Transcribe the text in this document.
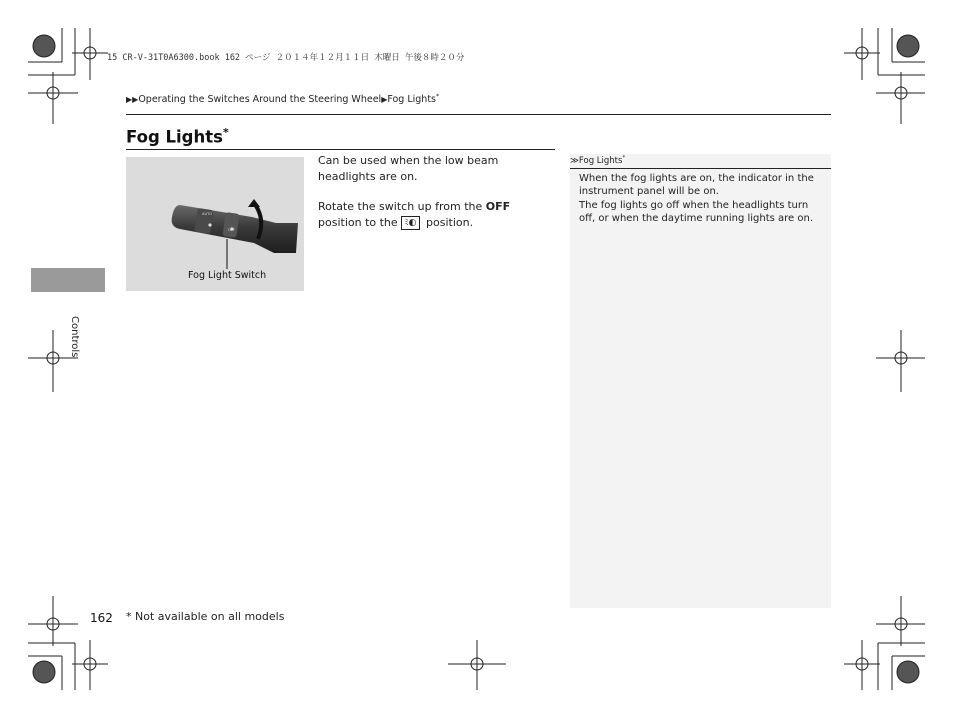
15 CR-V-31T0A6300.book 162 ページ ２０１４年１２月１１日 木曜日 午後８時２０分
▶▶Operating the Switches Around the Steering Wheel▶Fog Lights*
Fog Lights*
AUTO
OFF
Fog Light Switch
Can be used when the low beam headlights are on.
Rotate the switch up from the OFF position to the ﾐ◐ position.
≫Fog Lights*
When the fog lights are on, the indicator in the instrument panel will be on.
The fog lights go off when the headlights turn off, or when the daytime running lights are on.
Controls
162 * Not available on all models
